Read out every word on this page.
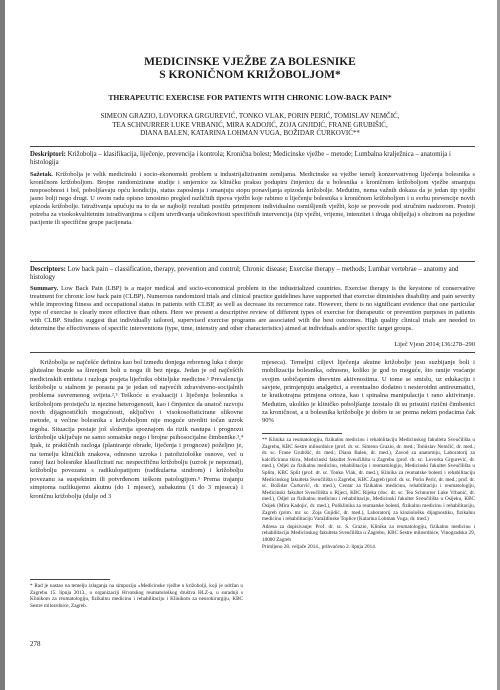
MEDICINSKE VJEŽBE ZA BOLESNIKE
S KRONIČNOM KRIŽOBOLJOM*
THERAPEUTIC EXERCISE FOR PATIENTS WITH CHRONIC LOW-BACK PAIN*
SIMEON GRAZIO, LOVORKA GRGUREVIĆ, TONKO VLAK, PORIN PERIĆ, TOMISLAV NEMČIĆ,
TEA SCHNURRER LUKE VRBANIĆ, MIRA KADOJIĆ, ZOJA GNJIDIĆ, FRANE GRUBIŠIĆ,
DIANA BALEN, KATARINA LOHMAN VUGA, BOŽIDAR ĆURKOVIĆ**
Deskriptori: Križobolja – klasifikacija, liječenje, prevencija i kontrola; Kronična bolest; Medicinske vježbe – metode; Lumbalna kralježnica – anatomija i histologija
Sažetak. Križobolja je velik medicinski i socio-ekonomski problem u industrijaliziranim zemljama. Medicinske su vježbe temelj konzervativnog liječenja bolesnika s kroničnom križoboljom. Brojne randomizirane studije i smjernice za kliničku praksu podupiru činjenicu da u bolesnika s kroničnom križoboljom vježbe smanjuju nesposobnost i bol, poboljšavaju opću kondiciju, status zaposlenja i smanjuju stopu ponavljanja epizoda križobolje. Međutim, nema važnih dokaza da je jedan tip vježbi jasno bolji nego drugi. U ovom radu opisno iznosimo pregled različitih tipova vježbi koje rabimo u liječenju bolesnika s kroničnom križoboljom i u svrhu prevencije novih epizoda križobolje. Istraživanja upućuju na to da se najbolji rezultati postižu primjenom individualno osmišljenih vježbi, koje se provode pod stručnim nadzorom. Postoji potreba za visokokvalitetnim istraživanjima s ciljem utvrđivanja učinkovitosti specifičnih intervencija (tip vježbi, vrijeme, intenzitet i druga obilježja) s obzirom na pojedine pacijente ili specifične grupe pacijenata.
Descriptors: Low back pain – classification, therapy, prevention and control; Chronic disease; Exercise therapy – methods; Lumbar vertebrae – anatomy and histology
Summary. Low Back Pain (LBP) is a major medical and socio-economical problem in the industrialized countries. Exercise therapy is the keystone of conservative treatment for chronic low back pain (CLBP). Numerous randomized trials and clinical practice guidelines have supported that exercise diminishes disability and pain severity while improving fitness and occupational status in patients with CLBP, as well as decrease its recurrence rate. However, there is no significant evidence that one particular type of exercise is clearly more effective than others. Here we present a descriptive review of different types of exercise for therapeutic or prevention purposes in patients with CLBP. Studies suggest that individually tailored, supervised exercise programs are associated with the best outcomes. High quality clinical trials are needed to determine the effectiveness of specific interventions (type, time, intensity and other characteristics) aimed at individuals and/or specific target groups.
Liječ Vjesn 2014;136:278–290

Križobolja se najčešće definira kao bol između donjega rebrenog luka i donje glutealne brazde sa širenjem boli u nogu ili bez njega. Jedan je od najčešćih medicinskih entiteta i razloga posjeta liječniku obiteljske medicine.¹ Prevalencija križobolje u stalnom je porastu pa je jedan od najvećih zdravstveno-socijalnih problema suvremenog svijeta.²,³ Teškoće u evaluaciji i liječenju bolesnika s križoboljom proistječu iz njezine heterogenosti, kao i činjenice da unatoč razvoju novih dijagnostičkih mogućnosti, uključivo i visokosofisticirane slikovne metode, u većine bolesnika s križoboljom nije moguće utvrditi točan uzrok tegoba. Situacija postaje još složenija spoznajom da rizik nastupa i prognozu križobolje uključuje ne samo somatske nego i brojne psihosocijalne čimbenike.³,⁴ Ipak, iz praktičnih razloga (planiranje obrade, liječenja i prognoze) poželjno je, na temelju kliničkih znakova, odnosno uzroka i patofiziološke osnove, već u ranoj fazi bolesnike klasificirati na: nespecifičnu križobolju (uzrok je nepoznat), križobolju povezanu s radikulopatijom (radikularna sindrom) i križobolju povezanu sa suspektnim ili potvrđenom teškom patologijom.⁵ Prema trajanju simptoma razlikujemo akutnu (do 1 mjesec), subakutnu (1 do 3 mjeseca) i kroničnu križobolju (dulje od 3

mjeseca). Temeljni ciljevi liječenja akutne križobolje jesu suzbijanje boli i mobilizacija bolesnika, odnosno, koliko je god to moguće, što ranije vraćanje svojim uobičajenim dnevnim aktivnostima. U tome se smislu, uz edukaciju i savjete, primjenjuju analgetici, a eventualno dodatno i nesteroidni antireumatici, te kratkotrajna primjena ortoza, kao i spinalna manipulacija i rano aktiviranje. Međutim, ukoliko je kliničko poboljšanje izostalo ili su prisutni rizični čimbenici za kroničnost, a u bolesnika križobolje je dobro te se prema nekim podacima čak 90%

* Rad je nastao na temelju izlaganja na simpoziju »Medicinske vježbe u križobolji, koji je održan u Zagrebu 15. lipnja 2013., u organizaciji Hrvatskog reumatološkog društva HLZ-a, u suradnji s Klinikom za reumatologiju, fizikalnu medicinu i rehabilitaciju i Klinikom za neurokirurgiju, KBC Sestre milosrdnice, Zagreb.
** Klinika za reumatologiju, fizikalnu medicinu i rehabilitaciju Medicinskog fakulteta Sveučilišta u Zagrebu, KBC Sestre milosrdnice (prof. dr. sc. Simeon Grazio, dr. med.; Tomislav Nemčić, dr. med.; dr. sc. Frane Grubišić, dr. med.; Diana Balen, dr. med.), Zavod za anatomiju, Laboratorij za kalcificirana tkiva, Medicinski fakultet Sveučilišta u Zagrebu (prof. dr. sc. Lovorka Grgurević, dr. med.), Odjel za fizikalnu medicinu, rehabilitaciju i reumatologiju, Medicinski fakultet Sveučilišta u Splitu, KBC Split (prof. dr. sc. Tonko Vlak, dr. med.), Klinika za reumatske bolesti i rehabilitaciju Medicinskog fakulteta Sveučilišta u Zagrebu, KBC Zagreb (prof. dr. sc. Porin Perić, dr. med.; prof. dr. sc. Božidar Ćurković, dr. med.), Centar za fizikalnu medicinu, rehabilitaciju i reumatologiju, Medicinski fakultet Sveučilišta u Rijeci, KBC Rijeka (doc. dr. sc. Tea Schnurrer Luke Vrbanić, dr. med.), Odjel za fizikalnu medicinu i rehabilitaciju, Medicinski fakultet Sveučilišta u Osijeku, KBC Osijek (Mira Kadojić, dr. med.), Poliklinika za reumatske bolesti, fizikalnu medicinu i rehabilitaciju, Zagreb (prim. mr. sc. Zoja Gnjidić, dr. med.), Laboratorij za kinziološku dijagnostiku, fizikalnu medicinu i rehabilitaciju Varaždinske Toplice (Katarina Lohman Vuga, dr. med.)
Adresa za dopisivanje: Prof. dr. sc. S. Grazio, Klinika za reumatologiju, fizikalnu medicinu i rehabilitaciju Medicinskog fakulteta Sveučilišta u Zagrebu, KBC Sestre milosrdnice, Vinogradska 29, 10000 Zagreb
Primljeno 28. veljače 2014., prihvaćeno 2. lipnja 2014.
278
